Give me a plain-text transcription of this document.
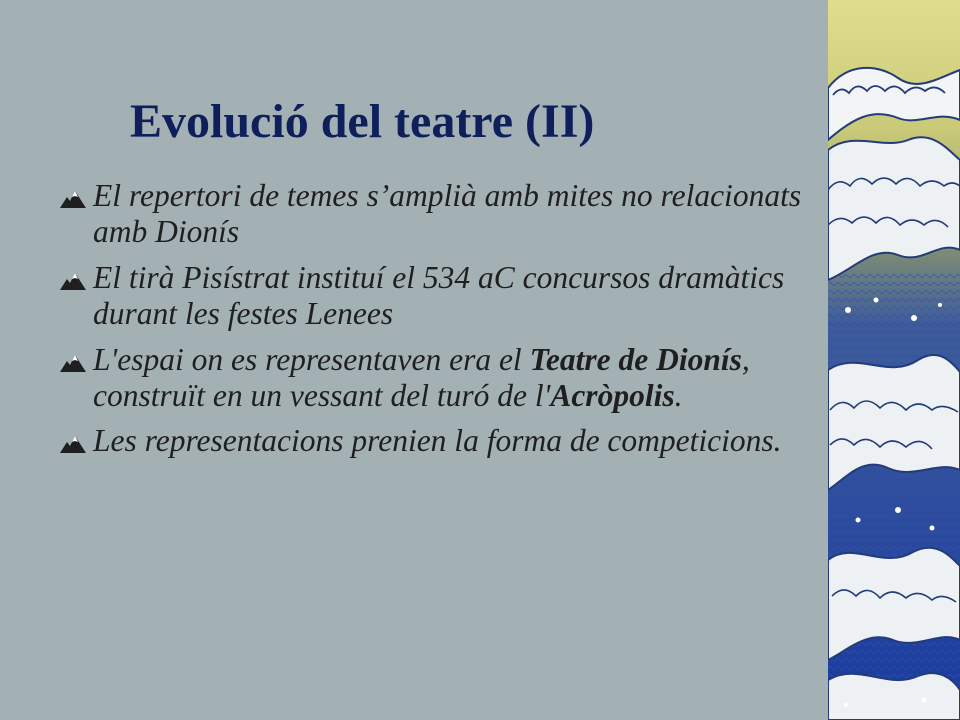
Evolució del teatre (II)
El repertori de temes s’amplià amb mites no relacionats amb Dionís
El tirà Pisístrat instituí el 534 aC concursos dramàtics durant les festes Lenees
L'espai on es representaven era el Teatre de Dionís, construït en un vessant del turó de l'Acròpolis.
Les representacions prenien la forma de competicions.
